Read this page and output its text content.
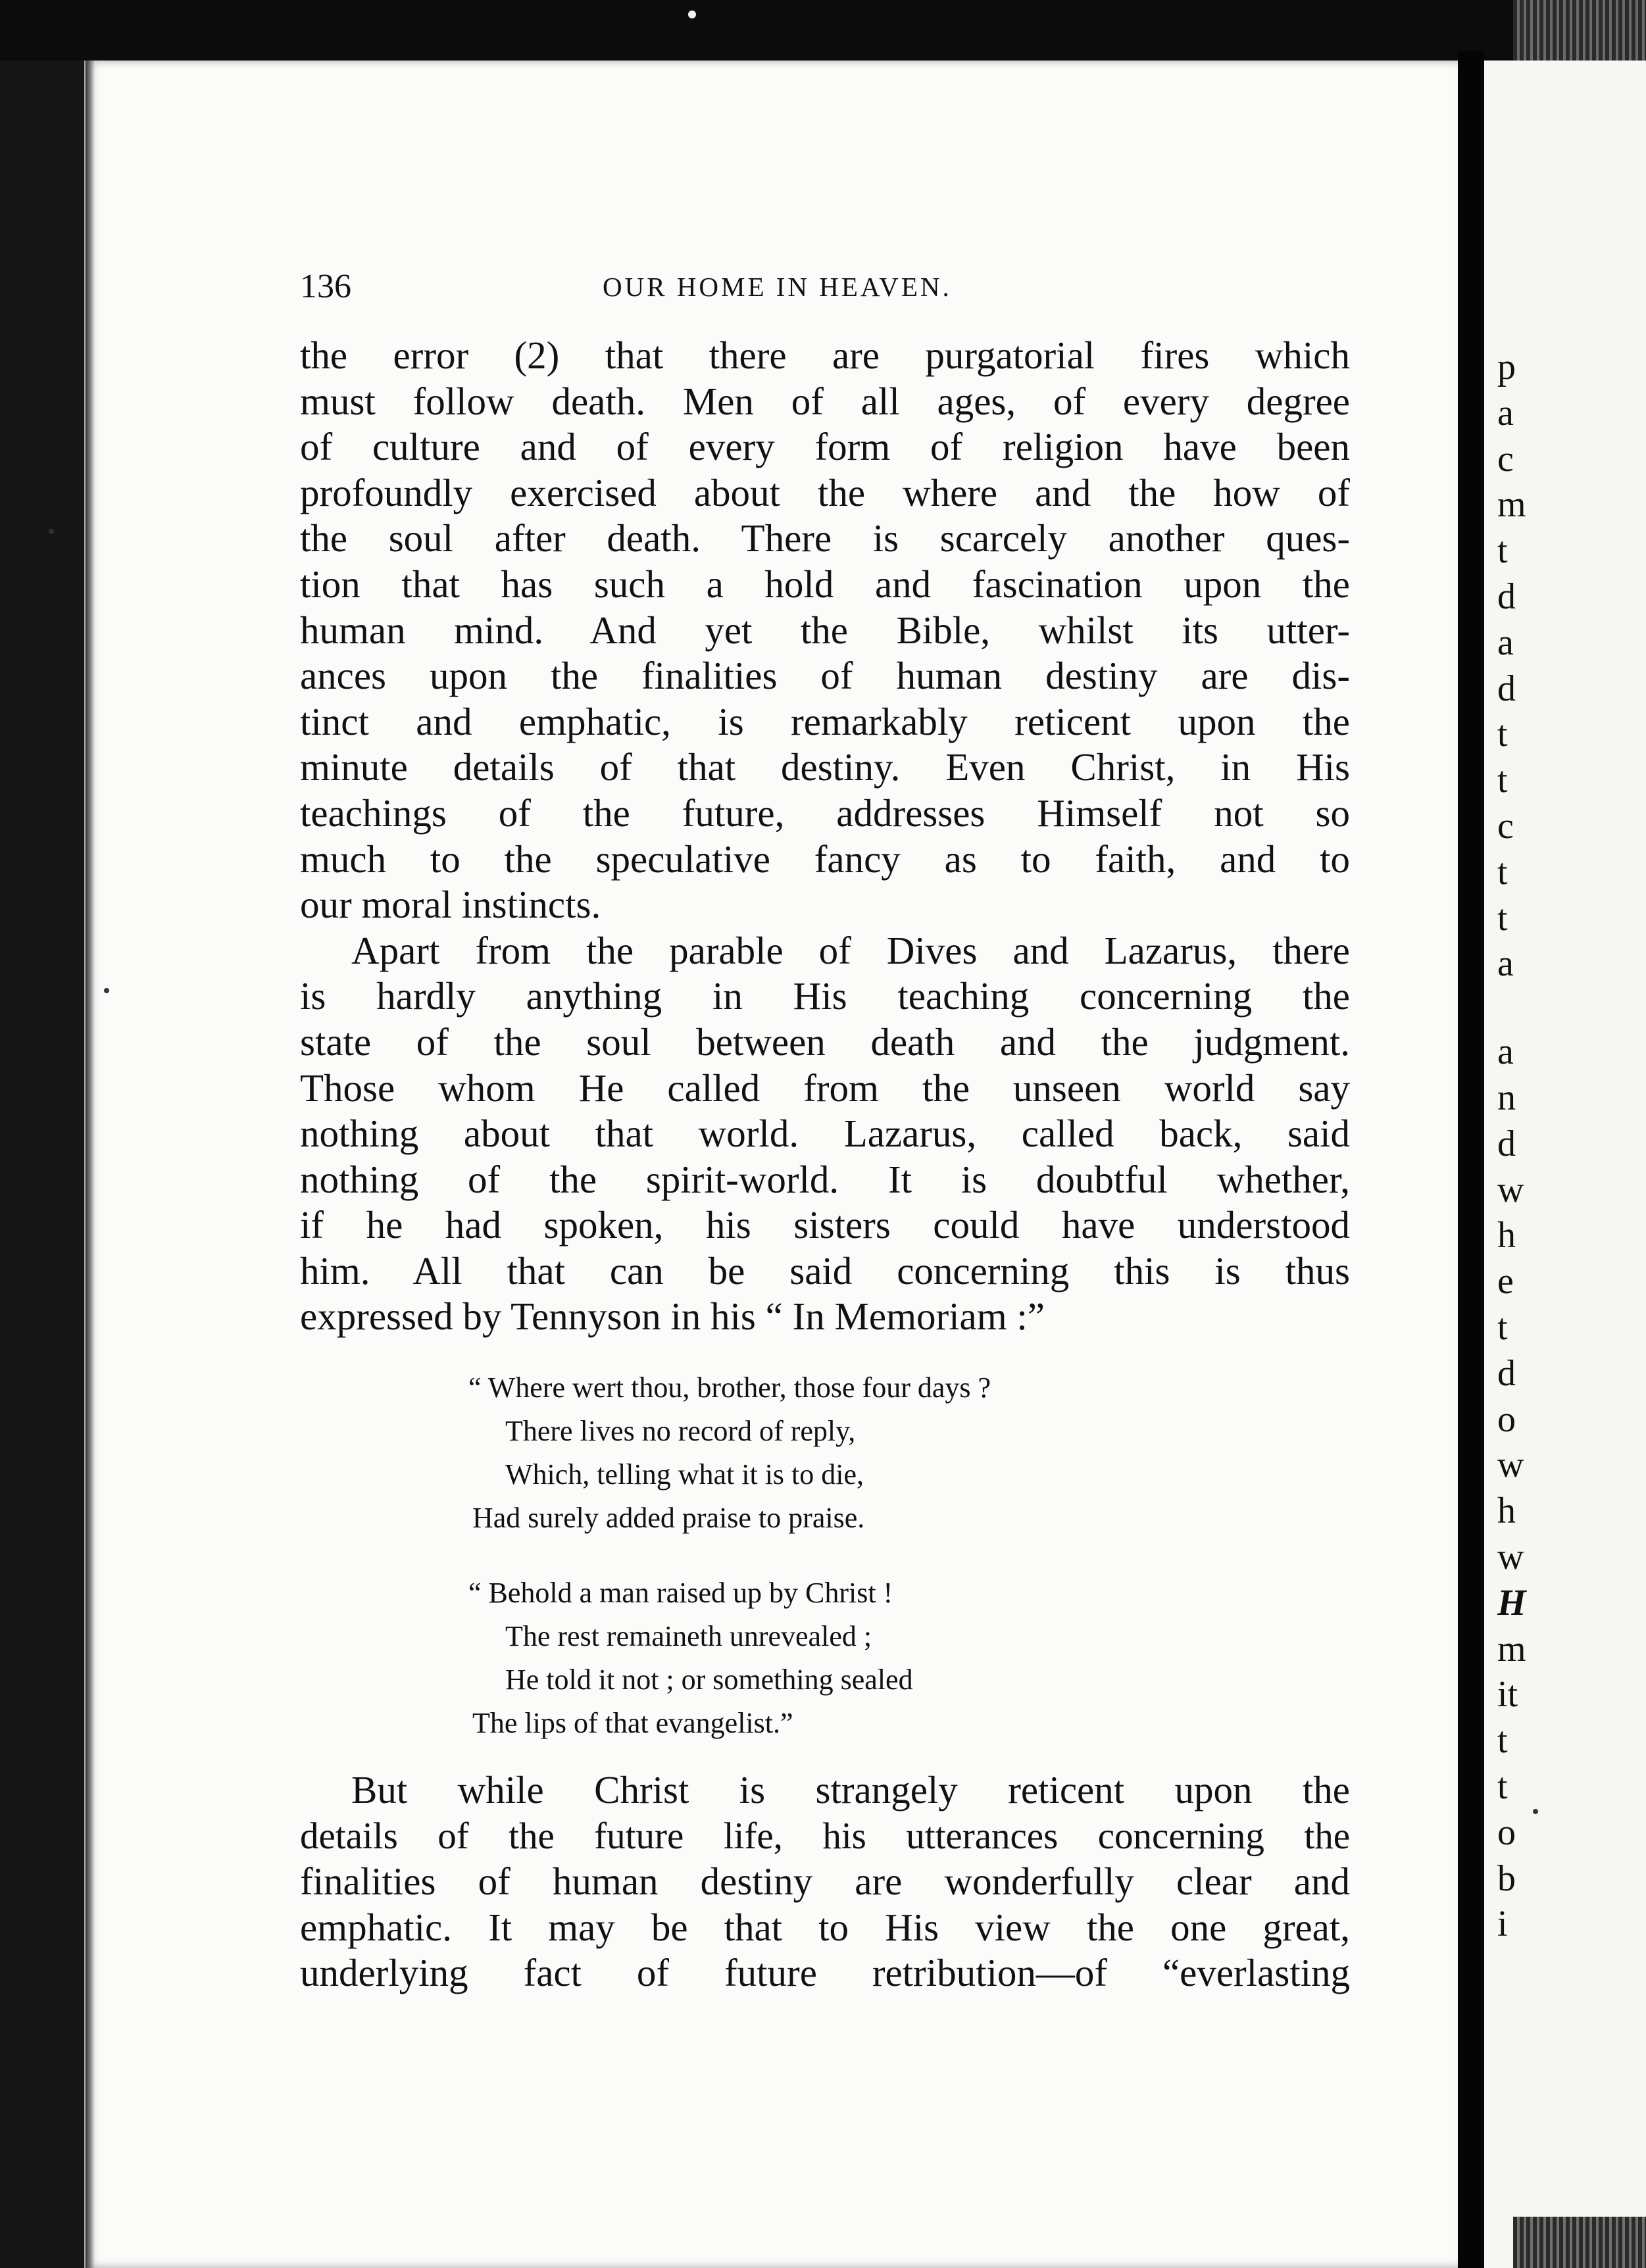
136	OUR HOME IN HEAVEN.
the error (2) that there are purgatorial fires which
must follow death. Men of all ages, of every degree
of culture and of every form of religion have been
profoundly exercised about the where and the how of
the soul after death. There is scarcely another ques-
tion that has such a hold and fascination upon the
human mind. And yet the Bible, whilst its utter-
ances upon the finalities of human destiny are dis-
tinct and emphatic, is remarkably reticent upon the
minute details of that destiny. Even Christ, in His
teachings of the future, addresses Himself not so
much to the speculative fancy as to faith, and to
our moral instincts.
Apart from the parable of Dives and Lazarus, there
is hardly anything in His teaching concerning the
state of the soul between death and the judgment.
Those whom He called from the unseen world say
nothing about that world. Lazarus, called back, said
nothing of the spirit-world. It is doubtful whether,
if he had spoken, his sisters could have understood
him. All that can be said concerning this is thus
expressed by Tennyson in his “ In Memoriam :”
“ Where wert thou, brother, those four days ?
There lives no record of reply,
Which, telling what it is to die,
Had surely added praise to praise.
“ Behold a man raised up by Christ !
The rest remaineth unrevealed ;
He told it not ; or something sealed
The lips of that evangelist.”
But while Christ is strangely reticent upon the
details of the future life, his utterances concerning the
finalities of human destiny are wonderfully clear and
emphatic. It may be that to His view the one great,
underlying fact of future retribution—of “everlasting
p
a
c
m
t
d
a
d
t
t
c
t
t
a
a
n
d
w
h
e
t
d
o
w
h
w
H
m
it
t
t
o
b
i
